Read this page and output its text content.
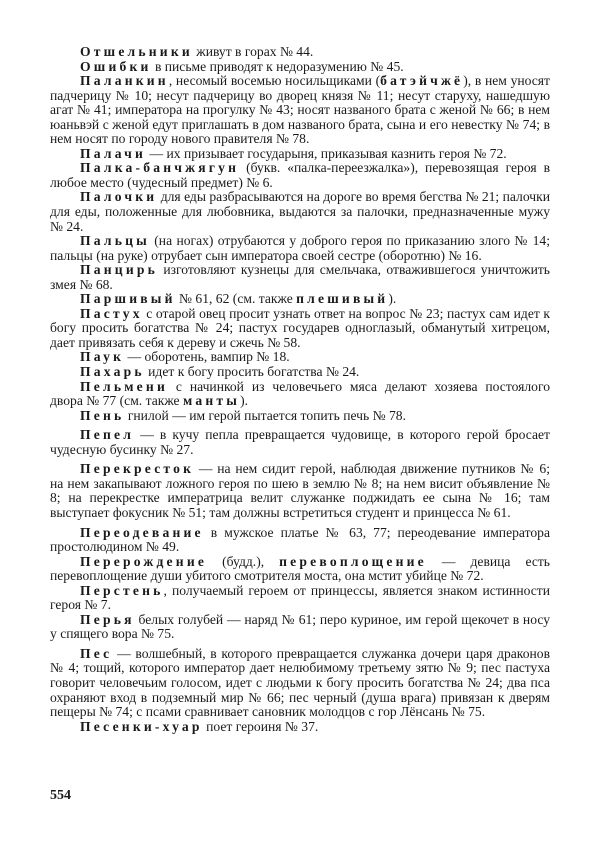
Отшельники живут в горах № 44.

Ошибки в письме приводят к недоразумению № 45.

Паланкин, несомый восемью носильщиками (батэйчжё), в нем уносят падчерицу № 10; несут падчерицу во дворец князя № 11; несут старуху, нашедшую агат № 41; императора на прогулку № 43; носят названого брата с женой № 66; в нем юаньвэй с женой едут приглашать в дом названого брата, сына и его невестку № 74; в нем носят по городу нового правителя № 78.

Палачи — их призывает государыня, приказывая казнить героя № 72.

Палка-банчжягун (букв. «палка-переезжалка»), перевозящая героя в любое место (чудесный предмет) № 6.

Палочки для еды разбрасываются на дороге во время бегства № 21; палочки для еды, положенные для любовника, выдаются за палочки, предназначенные мужу № 24.

Пальцы (на ногах) отрубаются у доброго героя по приказанию злого № 14; пальцы (на руке) отрубает сын императора своей сестре (оборотню) № 16.

Панцирь изготовляют кузнецы для смельчака, отважившегося уничтожить змея № 68.

Паршивый № 61, 62 (см. также плешивый).

Пастух с отарой овец просит узнать ответ на вопрос № 23; пастух сам идет к богу просить богатства № 24; пастух государев одноглазый, обманутый хитрецом, дает привязать себя к дереву и сжечь № 58.

Паук — оборотень, вампир № 18.

Пахарь идет к богу просить богатства № 24.

Пельмени с начинкой из человечьего мяса делают хозяева постоялого двора № 77 (см. также манты).

Пень гнилой — им герой пытается топить печь № 78.

Пепел — в кучу пепла превращается чудовище, в которого герой бросает чудесную бусинку № 27.

Перекресток — на нем сидит герой, наблюдая движение путников № 6; на нем закапывают ложного героя по шею в землю № 8; на нем висит объявление № 8; на перекрестке императрица велит служанке поджидать ее сына № 16; там выступает фокусник № 51; там должны встретиться студент и принцесса № 61.

Переодевание в мужское платье № 63, 77; переодевание императора простолюдином № 49.

Перерождение (будд.), перевоплощение — девица есть перевоплощение души убитого смотрителя моста, она мстит убийце № 72.

Перстень, получаемый героем от принцессы, является знаком истинности героя № 7.

Перья белых голубей — наряд № 61; перо куриное, им герой щекочет в носу у спящего вора № 75.

Пес — волшебный, в которого превращается служанка дочери царя драконов № 4; тощий, которого император дает нелюбимому третьему зятю № 9; пес пастуха говорит человечьим голосом, идет с людьми к богу просить богатства № 24; два пса охраняют вход в подземный мир № 66; пес черный (душа врага) привязан к дверям пещеры № 74; с псами сравнивает сановник молодцов с гор Лёнсань № 75.

Песенки-хуар поет героиня № 37.

554
